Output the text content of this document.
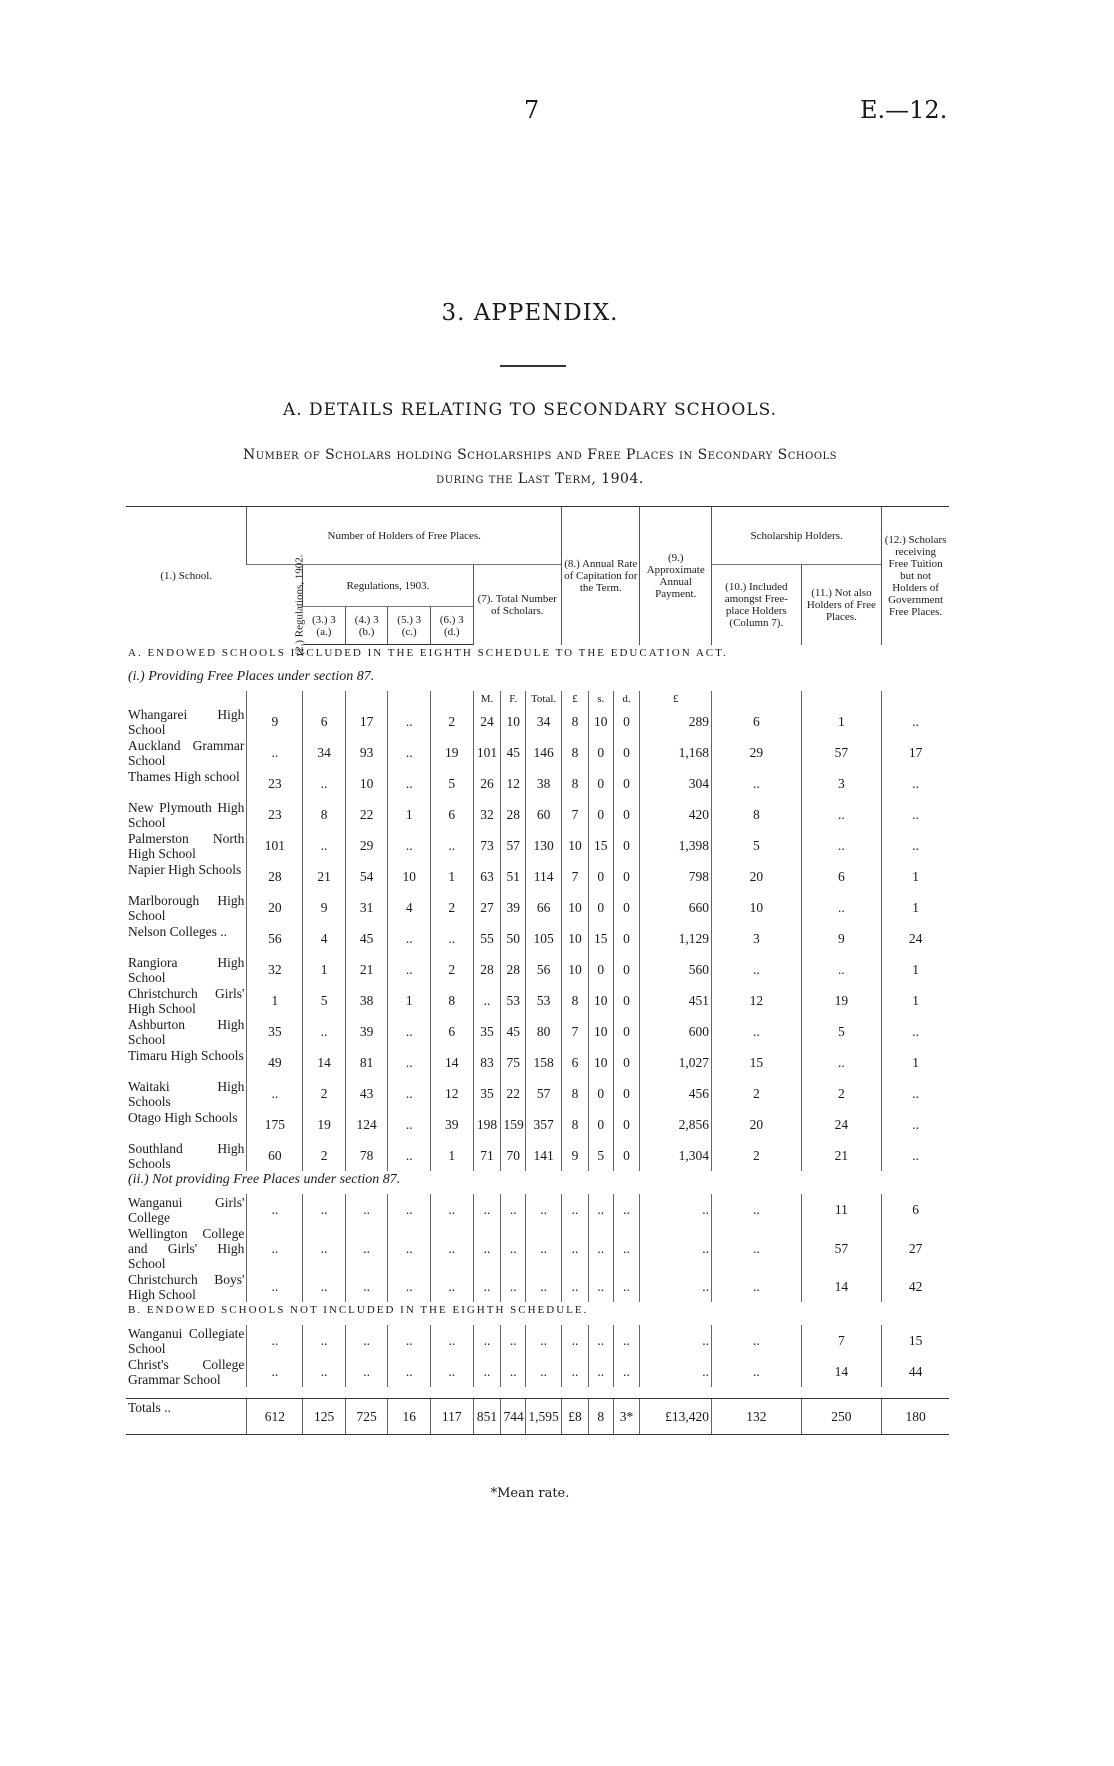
7	E.—12.
3. APPENDIX.
A. DETAILS RELATING TO SECONDARY SCHOOLS.
Number of Scholars holding Scholarships and Free Places in Secondary Schools
during the Last Term, 1904.
(1.) School.	Number of Holders of Free Places.								(8.) Annual Rate of Capitation for the Term.			(9.) Approximate Annual Payment.	Scholarship Holders.		(12.) Scholars receiving Free Tuition but not Holders of Government Free Places.
	(2.) Regulations, 1902.	Regulations, 1903.				(7). Total Number of Scholars.							(10.) Included amongst Free-place Holders (Column 7).	(11.) Not also Holders of Free Places.	
		(3.) 3 (a.)	(4.) 3 (b.)	(5.) 3 (c.)	(6.) 3 (d.)										
A. ENDOWED SCHOOLS INCLUDED IN THE EIGHTH SCHEDULE TO THE EDUCATION ACT.															
(i.) Providing Free Places under section 87.															
						M.	F.	Total.	£	s.	d.	£			
Whangarei High School	9	6	17	..	2	24	10	34	8	10	0	289	6	1	..
Auckland Grammar School	..	34	93	..	19	101	45	146	8	0	0	1,168	29	57	17
Thames High school	23	..	10	..	5	26	12	38	8	0	0	304	..	3	..
New Plymouth High School	23	8	22	1	6	32	28	60	7	0	0	420	8	..	..
Palmerston North High School	101	..	29	..	..	73	57	130	10	15	0	1,398	5	..	..
Napier High Schools	28	21	54	10	1	63	51	114	7	0	0	798	20	6	1
Marlborough High School	20	9	31	4	2	27	39	66	10	0	0	660	10	..	1
Nelson Colleges ..	56	4	45	..	..	55	50	105	10	15	0	1,129	3	9	24
Rangiora High School	32	1	21	..	2	28	28	56	10	0	0	560	..	..	1
Christchurch Girls' High School	1	5	38	1	8	..	53	53	8	10	0	451	12	19	1
Ashburton High School	35	..	39	..	6	35	45	80	7	10	0	600	..	5	..
Timaru High Schools	49	14	81	..	14	83	75	158	6	10	0	1,027	15	..	1
Waitaki High Schools	..	2	43	..	12	35	22	57	8	0	0	456	2	2	..
Otago High Schools	175	19	124	..	39	198	159	357	8	0	0	2,856	20	24	..
Southland High Schools	60	2	78	..	1	71	70	141	9	5	0	1,304	2	21	..
(ii.) Not providing Free Places under section 87.															
Wanganui Girls' College	..	..	..	..	..	..	..	..	..	..	..	..	..	11	6
Wellington College and Girls' High School	..	..	..	..	..	..	..	..	..	..	..	..	..	57	27
Christchurch Boys' High School	..	..	..	..	..	..	..	..	..	..	..	..	..	14	42
B. ENDOWED SCHOOLS NOT INCLUDED IN THE EIGHTH SCHEDULE.															
Wanganui Collegiate School	..	..	..	..	..	..	..	..	..	..	..	..	..	7	15
Christ's College Grammar School	..	..	..	..	..	..	..	..	..	..	..	..	..	14	44

Totals ..	612	125	725	16	117	851	744	1,595	£8	8	3*	£13,420	132	250	180
*Mean rate.
